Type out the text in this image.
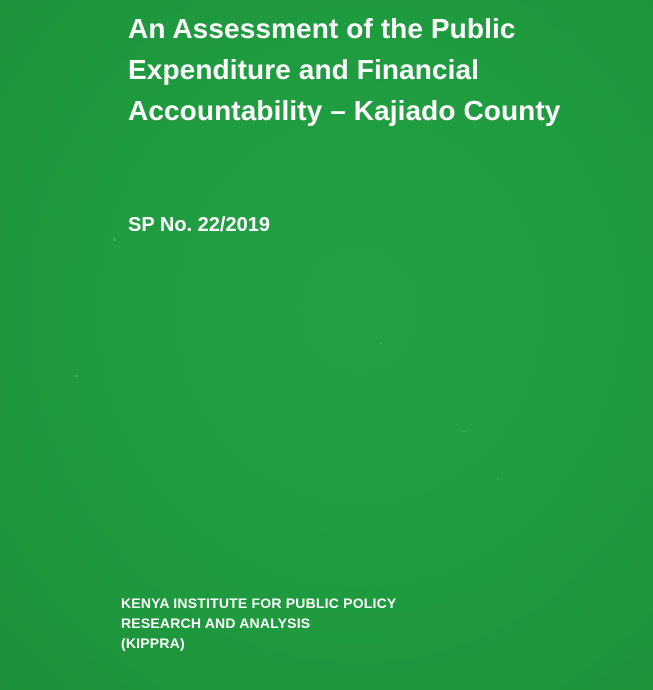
An Assessment of the Public
Expenditure and Financial
Accountability – Kajiado County
SP No. 22/2019
KENYA INSTITUTE FOR PUBLIC POLICY
RESEARCH AND ANALYSIS
(KIPPRA)
